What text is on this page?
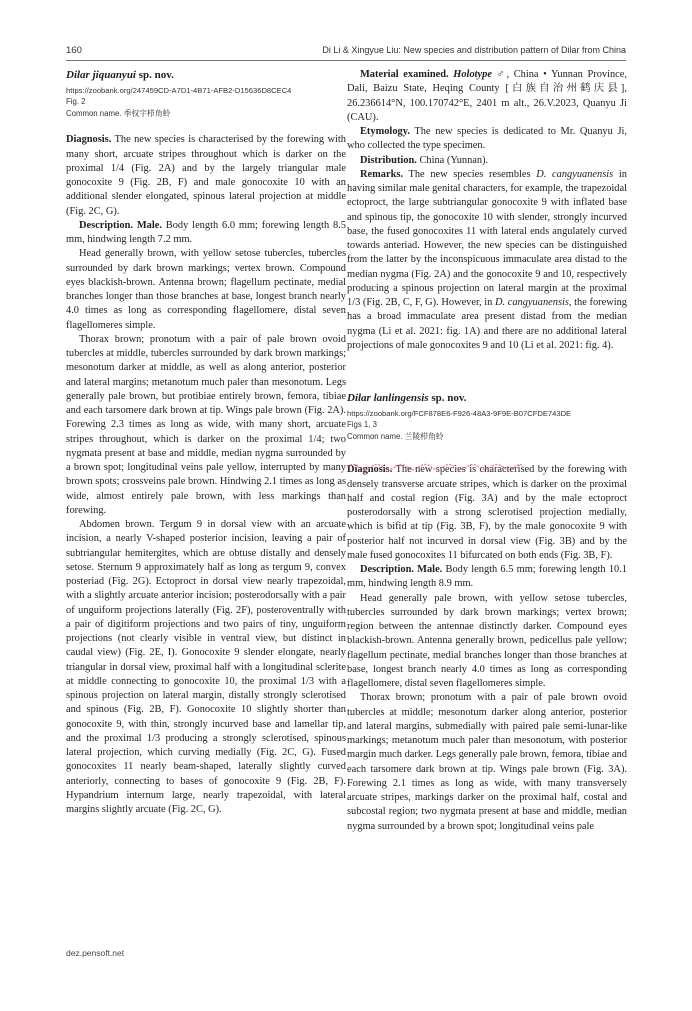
160	Di Li & Xingyue Liu: New species and distribution pattern of Dilar from China

Dilar jiquanyui sp. nov.

https://zoobank.org/247459CD-A7D1-4B71-AFB2-D15636D8CEC4

Fig. 2

Common name. 季权宇栉角蛉

Diagnosis. The new species is characterised by the forewing with many short, arcuate stripes throughout which is darker on the proximal 1/4 (Fig. 2A) and by the largely triangular male gonocoxite 9 (Fig. 2B, F) and male gonocoxite 10 with an additional slender elongated, spinous lateral projection at middle (Fig. 2C, G).

Description. Male. Body length 6.0 mm; forewing length 8.5 mm, hindwing length 7.2 mm.

Head generally brown, with yellow setose tubercles, tubercles surrounded by dark brown markings; vertex brown. Compound eyes blackish-brown. Antenna brown; flagellum pectinate, medial branches longer than those branches at base, longest branch nearly 4.0 times as long as corresponding flagellomere, distal seven flagellomeres simple.

Thorax brown; pronotum with a pair of pale brown ovoid tubercles at middle, tubercles surrounded by dark brown markings; mesonotum darker at middle, as well as along anterior, posterior and lateral margins; metanotum much paler than mesonotum. Legs generally pale brown, but protibiae entirely brown, femora, tibiae and each tarsomere dark brown at tip. Wings pale brown (Fig. 2A). Forewing 2.3 times as long as wide, with many short, arcuate stripes throughout, which is darker on the proximal 1/4; two nygmata present at base and middle, median nygma surrounded by a brown spot; longitudinal veins pale yellow, interrupted by many brown spots; crossveins pale brown. Hindwing 2.1 times as long as wide, almost entirely pale brown, with less markings than forewing.

Abdomen brown. Tergum 9 in dorsal view with an arcuate incision, a nearly V-shaped posterior incision, leaving a pair of subtriangular hemitergites, which are obtuse distally and densely setose. Sternum 9 approximately half as long as tergum 9, convex posteriad (Fig. 2G). Ectoproct in dorsal view nearly trapezoidal, with a slightly arcuate anterior incision; posterodorsally with a pair of unguiform projections laterally (Fig. 2F), posteroventrally with a pair of digitiform projections and two pairs of tiny, unguiform projections (not clearly visible in ventral view, but distinct in caudal view) (Fig. 2E, I). Gonocoxite 9 slender elongate, nearly triangular in dorsal view, proximal half with a longitudinal sclerite at middle connecting to gonocoxite 10, the proximal 1/3 with a spinous projection on lateral margin, distally strongly sclerotised and spinous (Fig. 2B, F). Gonocoxite 10 slightly shorter than gonocoxite 9, with thin, strongly incurved base and lamellar tip, and the proximal 1/3 producing a strongly sclerotised, spinous lateral projection, which curving medially (Fig. 2C, G). Fused gonocoxites 11 nearly beam-shaped, laterally slightly curved anteriorly, connecting to bases of gonocoxite 9 (Fig. 2B, F). Hypandrium internum large, nearly trapezoidal, with lateral margins slightly arcuate (Fig. 2C, G).

Material examined. Holotype ♂, China • Yunnan Province, Dali, Baizu State, Heqing County [白族自治州鹤庆县], 26.236614°N, 100.170742°E, 2401 m alt., 26.V.2023, Quanyu Ji (CAU).

Etymology. The new species is dedicated to Mr. Quanyu Ji, who collected the type specimen.

Distribution. China (Yunnan).

Remarks. The new species resembles D. cangyuanensis in having similar male genital characters, for example, the trapezoidal ectoproct, the large subtriangular gonocoxite 9 with inflated base and spinous tip, the gonocoxite 10 with slender, strongly incurved base, the fused gonocoxites 11 with lateral ends angulately curved towards anteriad. However, the new species can be distinguished from the latter by the inconspicuous immaculate area distad to the median nygma (Fig. 2A) and the gonocoxite 9 and 10, respectively producing a spinous projection on lateral margin at the proximal 1/3 (Fig. 2B, C, F, G). However, in D. cangyuanensis, the forewing has a broad immaculate area present distad from the median nygma (Li et al. 2021: fig. 1A) and there are no additional lateral projections of male gonocoxites 9 and 10 (Li et al. 2021: fig. 4).

Dilar lanlingensis sp. nov.

https://zoobank.org/FCF878E6-F926-48A3-9F9E-B07CFDE743DE

Figs 1, 3

Common name. 兰陵栉角蛉

Diagnosis. The new species is characterised by the forewing with densely transverse arcuate stripes, which is darker on the proximal half and costal region (Fig. 3A) and by the male ectoproct posterodorsally with a strong sclerotised projection medially, which is bifid at tip (Fig. 3B, F), by the male gonocoxite 9 with posterior half not incurved in dorsal view (Fig. 3B) and by the male fused gonocoxites 11 bifurcated on both ends (Fig. 3B, F).

Description. Male. Body length 6.5 mm; forewing length 10.1 mm, hindwing length 8.9 mm.

Head generally pale brown, with yellow setose tubercles, tubercles surrounded by dark brown markings; vertex brown; region between the antennae distinctly darker. Compound eyes blackish-brown. Antenna generally brown, pedicellus pale yellow; flagellum pectinate, medial branches longer than those branches at base, longest branch nearly 4.0 times as long as corresponding flagellomere, distal seven flagellomeres simple.

Thorax brown; pronotum with a pair of pale brown ovoid tubercles at middle; mesonotum darker along anterior, posterior and lateral margins, submedially with paired pale semi-lunar-like markings; metanotum much paler than mesonotum, with posterior margin much darker. Legs generally pale brown, femora, tibiae and each tarsomere dark brown at tip. Wings pale brown (Fig. 3A). Forewing 2.1 times as long as wide, with many transversely arcuate stripes, markings darker on the proximal half, costal and subcostal region; two nygmata present at base and middle, median nygma surrounded by a brown spot; longitudinal veins pale

dez.pensoft.net
